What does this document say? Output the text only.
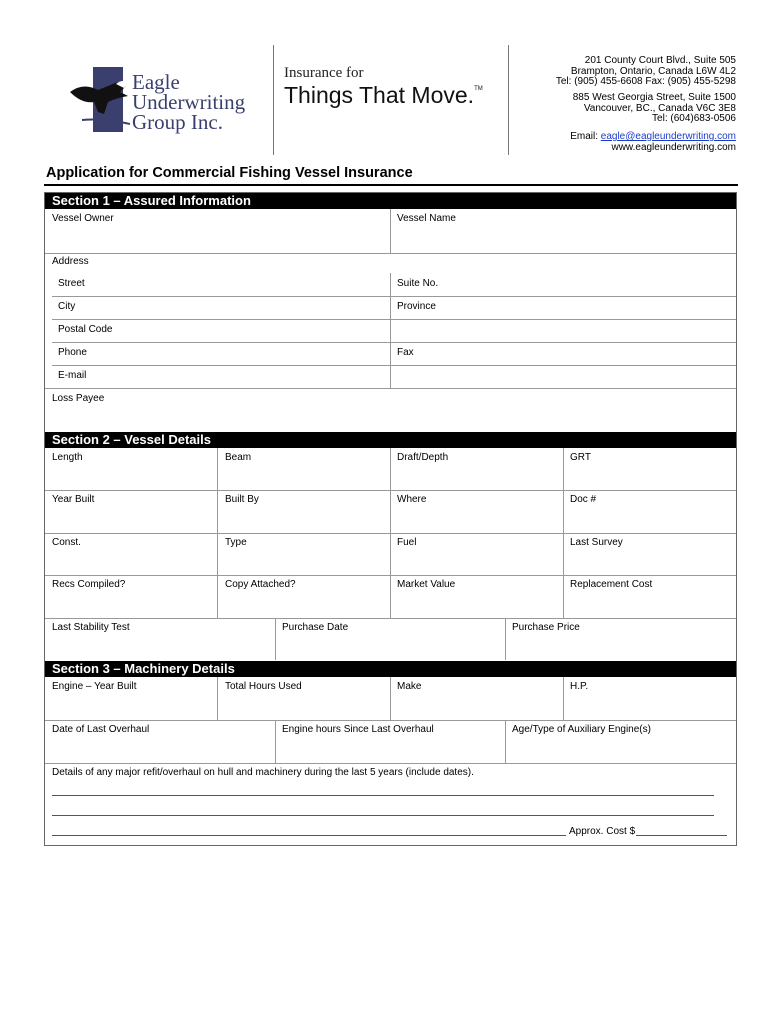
Eagle
Underwriting
Group Inc.
Insurance for
Things That Move.™
201 County Court Blvd., Suite 505
Brampton, Ontario, Canada L6W 4L2
Tel: (905) 455-6608 Fax: (905) 455-5298
885 West Georgia Street, Suite 1500
Vancouver, BC., Canada V6C 3E8
Tel: (604)683-0506
Email: eagle@eagleunderwriting.com
www.eagleunderwriting.com
Application for Commercial Fishing Vessel Insurance
Section 1 – Assured Information
Vessel Owner	Vessel Name
Address
Street	Suite No.
City	Province
Postal Code
Phone	Fax
E-mail
Loss Payee
Section 2 – Vessel Details
Length	Beam	Draft/Depth	GRT
Year Built	Built By	Where	Doc #
Const.	Type	Fuel	Last Survey
Recs Compiled?	Copy Attached?	Market Value	Replacement Cost
Last Stability Test	Purchase Date	Purchase Price
Section 3 – Machinery Details
Engine – Year Built	Total Hours Used	Make	H.P.
Date of Last Overhaul	Engine hours Since Last Overhaul	Age/Type of Auxiliary Engine(s)
Details of any major refit/overhaul on hull and machinery during the last 5 years (include dates).
Approx. Cost $
